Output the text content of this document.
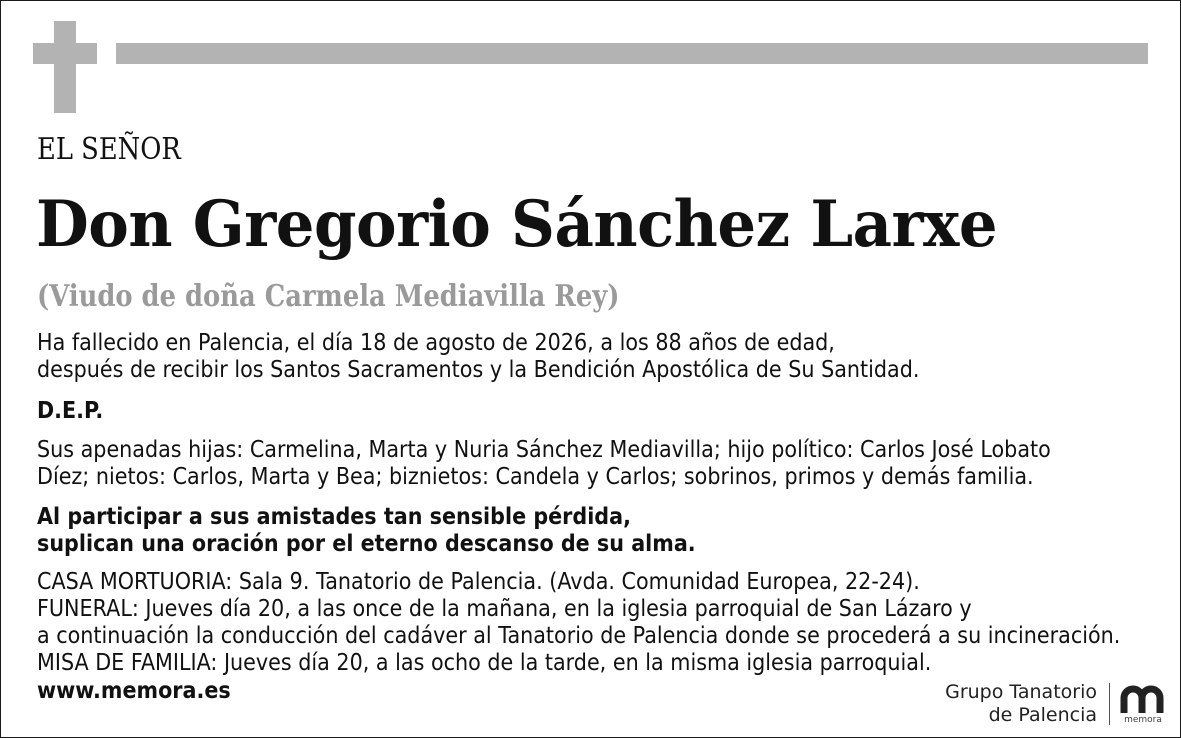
EL SEÑOR
Don Gregorio Sánchez Larxe
(Viudo de doña Carmela Mediavilla Rey)
Ha fallecido en Palencia, el día 18 de agosto de 2026, a los 88 años de edad,
después de recibir los Santos Sacramentos y la Bendición Apostólica de Su Santidad.
D.E.P.
Sus apenadas hijas: Carmelina, Marta y Nuria Sánchez Mediavilla; hijo político: Carlos José Lobato
Díez; nietos: Carlos, Marta y Bea; biznietos: Candela y Carlos; sobrinos, primos y demás familia.
Al participar a sus amistades tan sensible pérdida,
suplican una oración por el eterno descanso de su alma.
CASA MORTUORIA: Sala 9. Tanatorio de Palencia. (Avda. Comunidad Europea, 22-24).
FUNERAL: Jueves día 20, a las once de la mañana, en la iglesia parroquial de San Lázaro y
a continuación la conducción del cadáver al Tanatorio de Palencia donde se procederá a su incineración.
MISA DE FAMILIA: Jueves día 20, a las ocho de la tarde, en la misma iglesia parroquial.
www.memora.es	Grupo Tanatorio
de Palencia	memora
